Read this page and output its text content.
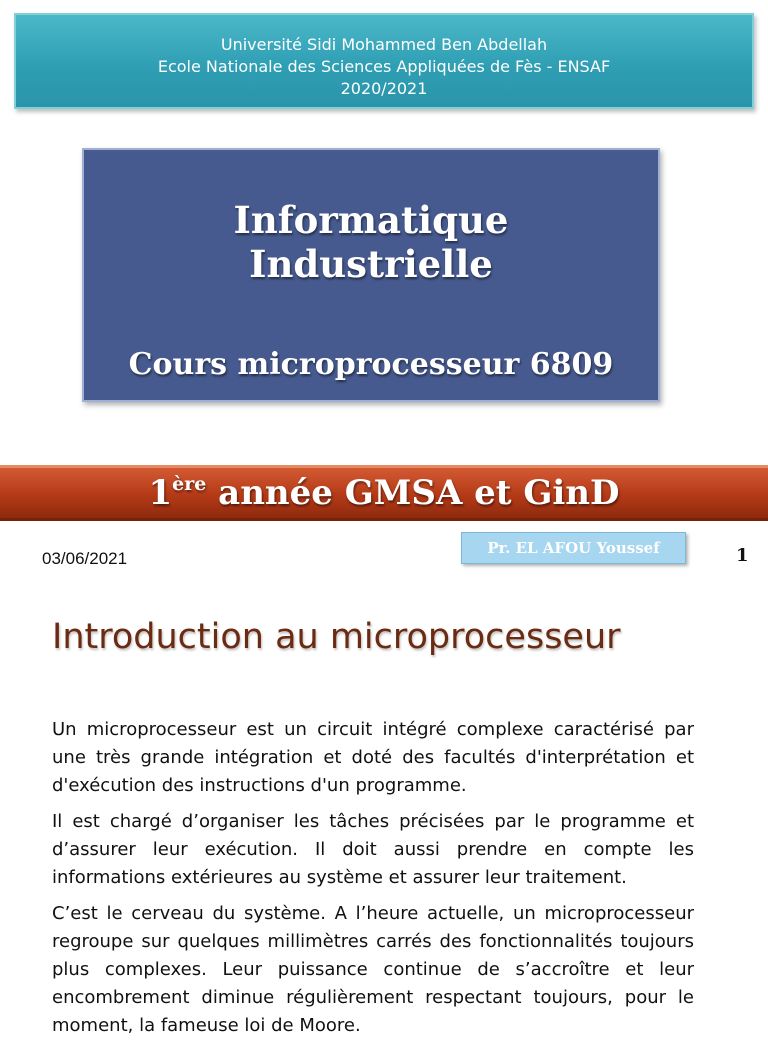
Université Sidi Mohammed Ben Abdellah
Ecole Nationale des Sciences Appliquées de Fès - ENSAF
2020/2021
Informatique
Industrielle
Cours microprocesseur 6809
1ère année GMSA et GinD
03/06/2021
Pr. EL AFOU Youssef	1
Introduction au microprocesseur

Un microprocesseur est un circuit intégré complexe caractérisé par une très grande intégration et doté des facultés d'interprétation et d'exécution des instructions d'un programme.

Il est chargé d’organiser les tâches précisées par le programme et d’assurer leur exécution. Il doit aussi prendre en compte les informations extérieures au système et assurer leur traitement.

C’est le cerveau du système. A l’heure actuelle, un microprocesseur regroupe sur quelques millimètres carrés des fonctionnalités toujours plus complexes. Leur puissance continue de s’accroître et leur encombrement diminue régulièrement respectant toujours, pour le moment, la fameuse loi de Moore.
